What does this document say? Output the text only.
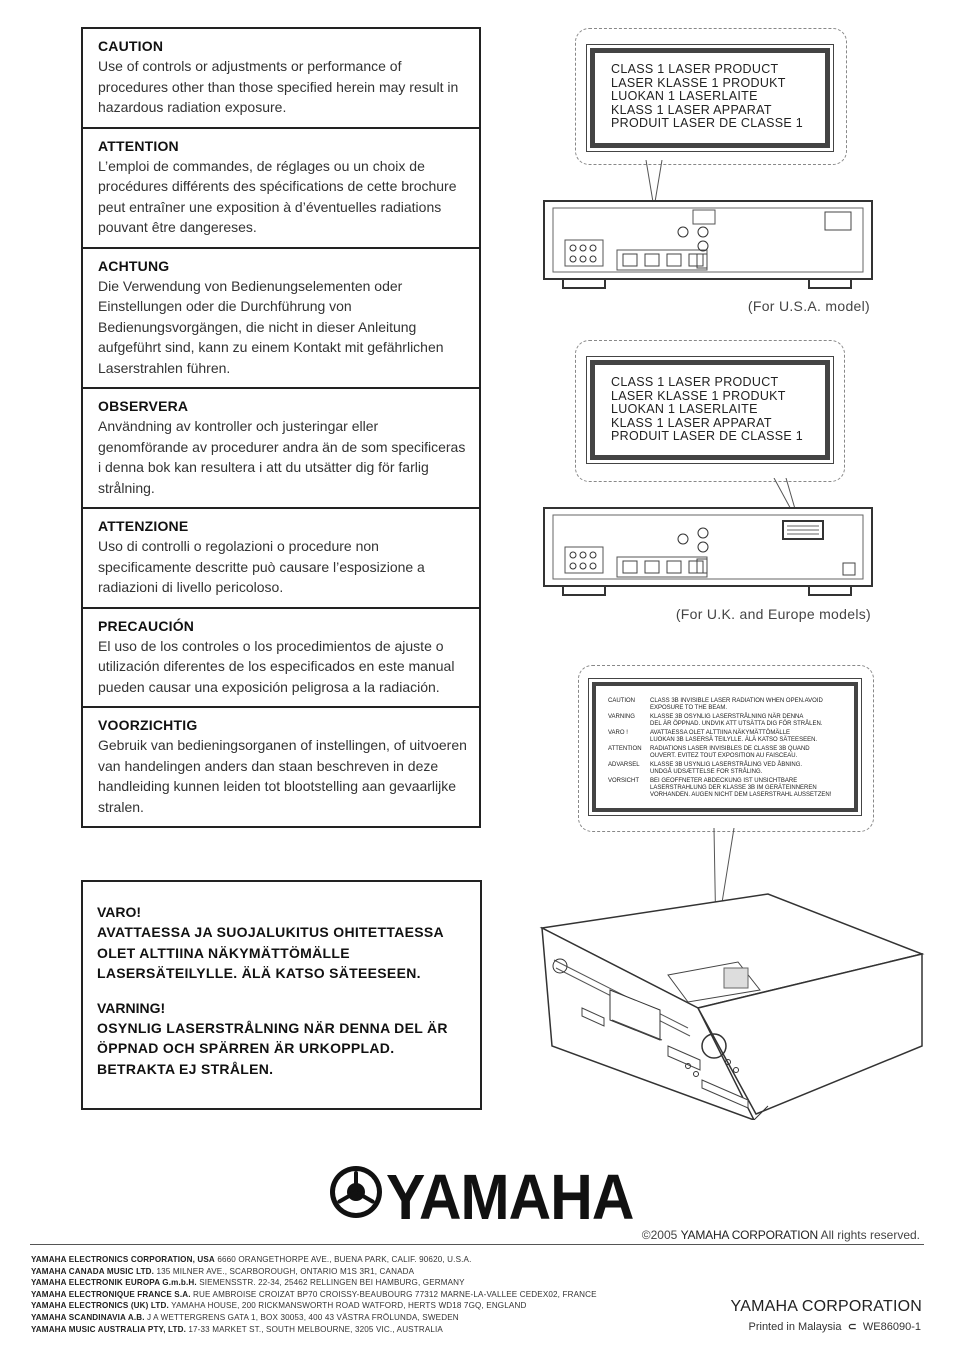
CAUTION
Use of controls or adjustments or performance of procedures other than those specified herein may result in hazardous radiation exposure.
ATTENTION
L’emploi de commandes, de réglages ou un choix de procédures différents des spécifications de cette brochure peut entraîner une exposition à d’éventuelles radiations pouvant être dangereses.
ACHTUNG
Die Verwendung von Bedienungselementen oder Einstellungen oder die Durchführung von Bedienungsvorgängen, die nicht in dieser Anleitung aufgeführt sind, kann zu einem Kontakt mit gefährlichen Laserstrahlen führen.
OBSERVERA
Användning av kontroller och justeringar eller genomförande av procedurer andra än de som specificeras i denna bok kan resultera i att du utsätter dig för farlig strålning.
ATTENZIONE
Uso di controlli o regolazioni o procedure non specificamente descritte può causare l’esposizione a radiazioni di livello pericoloso.
PRECAUCIÓN
El uso de los controles o los procedimientos de ajuste o utilización diferentes de los especificados en este manual pueden causar una exposición peligrosa a la radiación.
VOORZICHTIG
Gebruik van bedieningsorganen of instellingen, of uitvoeren van handelingen anders dan staan beschreven in deze handleiding kunnen leiden tot blootstelling aan gevaarlijke stralen.
VARO!
AVATTAESSA JA SUOJALUKITUS OHITETTAESSA OLET ALTTIINA NÄKYMÄTTÖMÄLLE LASERSÄTEILYLLE. ÄLÄ KATSO SÄTEESEEN.
VARNING!
OSYNLIG LASERSTRÅLNING NÄR DENNA DEL ÄR ÖPPNAD OCH SPÄRREN ÄR URKOPPLAD. BETRAKTA EJ STRÅLEN.
CLASS 1 LASER PRODUCT
LASER KLASSE 1 PRODUKT
LUOKAN 1 LASERLAITE
KLASS 1 LASER APPARAT
PRODUIT LASER DE CLASSE 1
(For U.S.A. model)
CLASS 1 LASER PRODUCT
LASER KLASSE 1 PRODUKT
LUOKAN 1 LASERLAITE
KLASS 1 LASER APPARAT
PRODUIT LASER DE CLASSE 1
(For U.K. and Europe models)
CAUTION	CLASS 3B INVISIBLE LASER RADIATION WHEN OPEN.AVOID
EXPOSURE TO THE BEAM.
VARNING	KLASSE 3B OSYNLIG LASERSTRÅLNING NÄR DENNA
DEL ÄR ÖPPNAD. UNDVIK ATT UTSÄTTA DIG FÖR STRÅLEN.
VARO !	AVATTAESSA OLET ALTTIINA NÄKYMÄTTÖMÄLLE
LUOKAN 3B LASERSÄ TEILYLLE. ÄLÄ KATSO SÄTEESEEN.
ATTENTION	RADIATIONS LASER INVISIBLES DE CLASSE 3B QUAND
OUVERT. EVITEZ TOUT EXPOSITION AU FAISCEAU.
ADVARSEL	KLASSE 3B USYNLIG LASERSTRÅLING VED ÅBNING.
UNDGÅ UDSÆTTELSE FOR STRÅLING.
VORSICHT	BEI GEOFFNETER ABDECKUNG IST UNSICHTBARE
LASERSTRAHLUNG DER KLASSE 3B IM GERÄTEINNEREN
VORHANDEN. AUGEN NICHT DEM LASERSTRAHL AUSSETZEN!
YAMAHA
©2005 YAMAHA CORPORATION All rights reserved.
YAMAHA ELECTRONICS CORPORATION, USA 6660 ORANGETHORPE AVE., BUENA PARK, CALIF. 90620, U.S.A.
YAMAHA CANADA MUSIC LTD. 135 MILNER AVE., SCARBOROUGH, ONTARIO M1S 3R1, CANADA
YAMAHA ELECTRONIK EUROPA G.m.b.H. SIEMENSSTR. 22-34, 25462 RELLINGEN BEI HAMBURG, GERMANY
YAMAHA ELECTRONIQUE FRANCE S.A. RUE AMBROISE CROIZAT BP70 CROISSY-BEAUBOURG 77312 MARNE-LA-VALLEE CEDEX02, FRANCE
YAMAHA ELECTRONICS (UK) LTD. YAMAHA HOUSE, 200 RICKMANSWORTH ROAD WATFORD, HERTS WD18 7GQ, ENGLAND
YAMAHA SCANDINAVIA A.B. J A WETTERGRENS GATA 1, BOX 30053, 400 43 VÄSTRA FRÖLUNDA, SWEDEN
YAMAHA MUSIC AUSTRALIA PTY, LTD. 17-33 MARKET ST., SOUTH MELBOURNE, 3205 VIC., AUSTRALIA
YAMAHA CORPORATION
Printed in Malaysia ⊂ WE86090-1
